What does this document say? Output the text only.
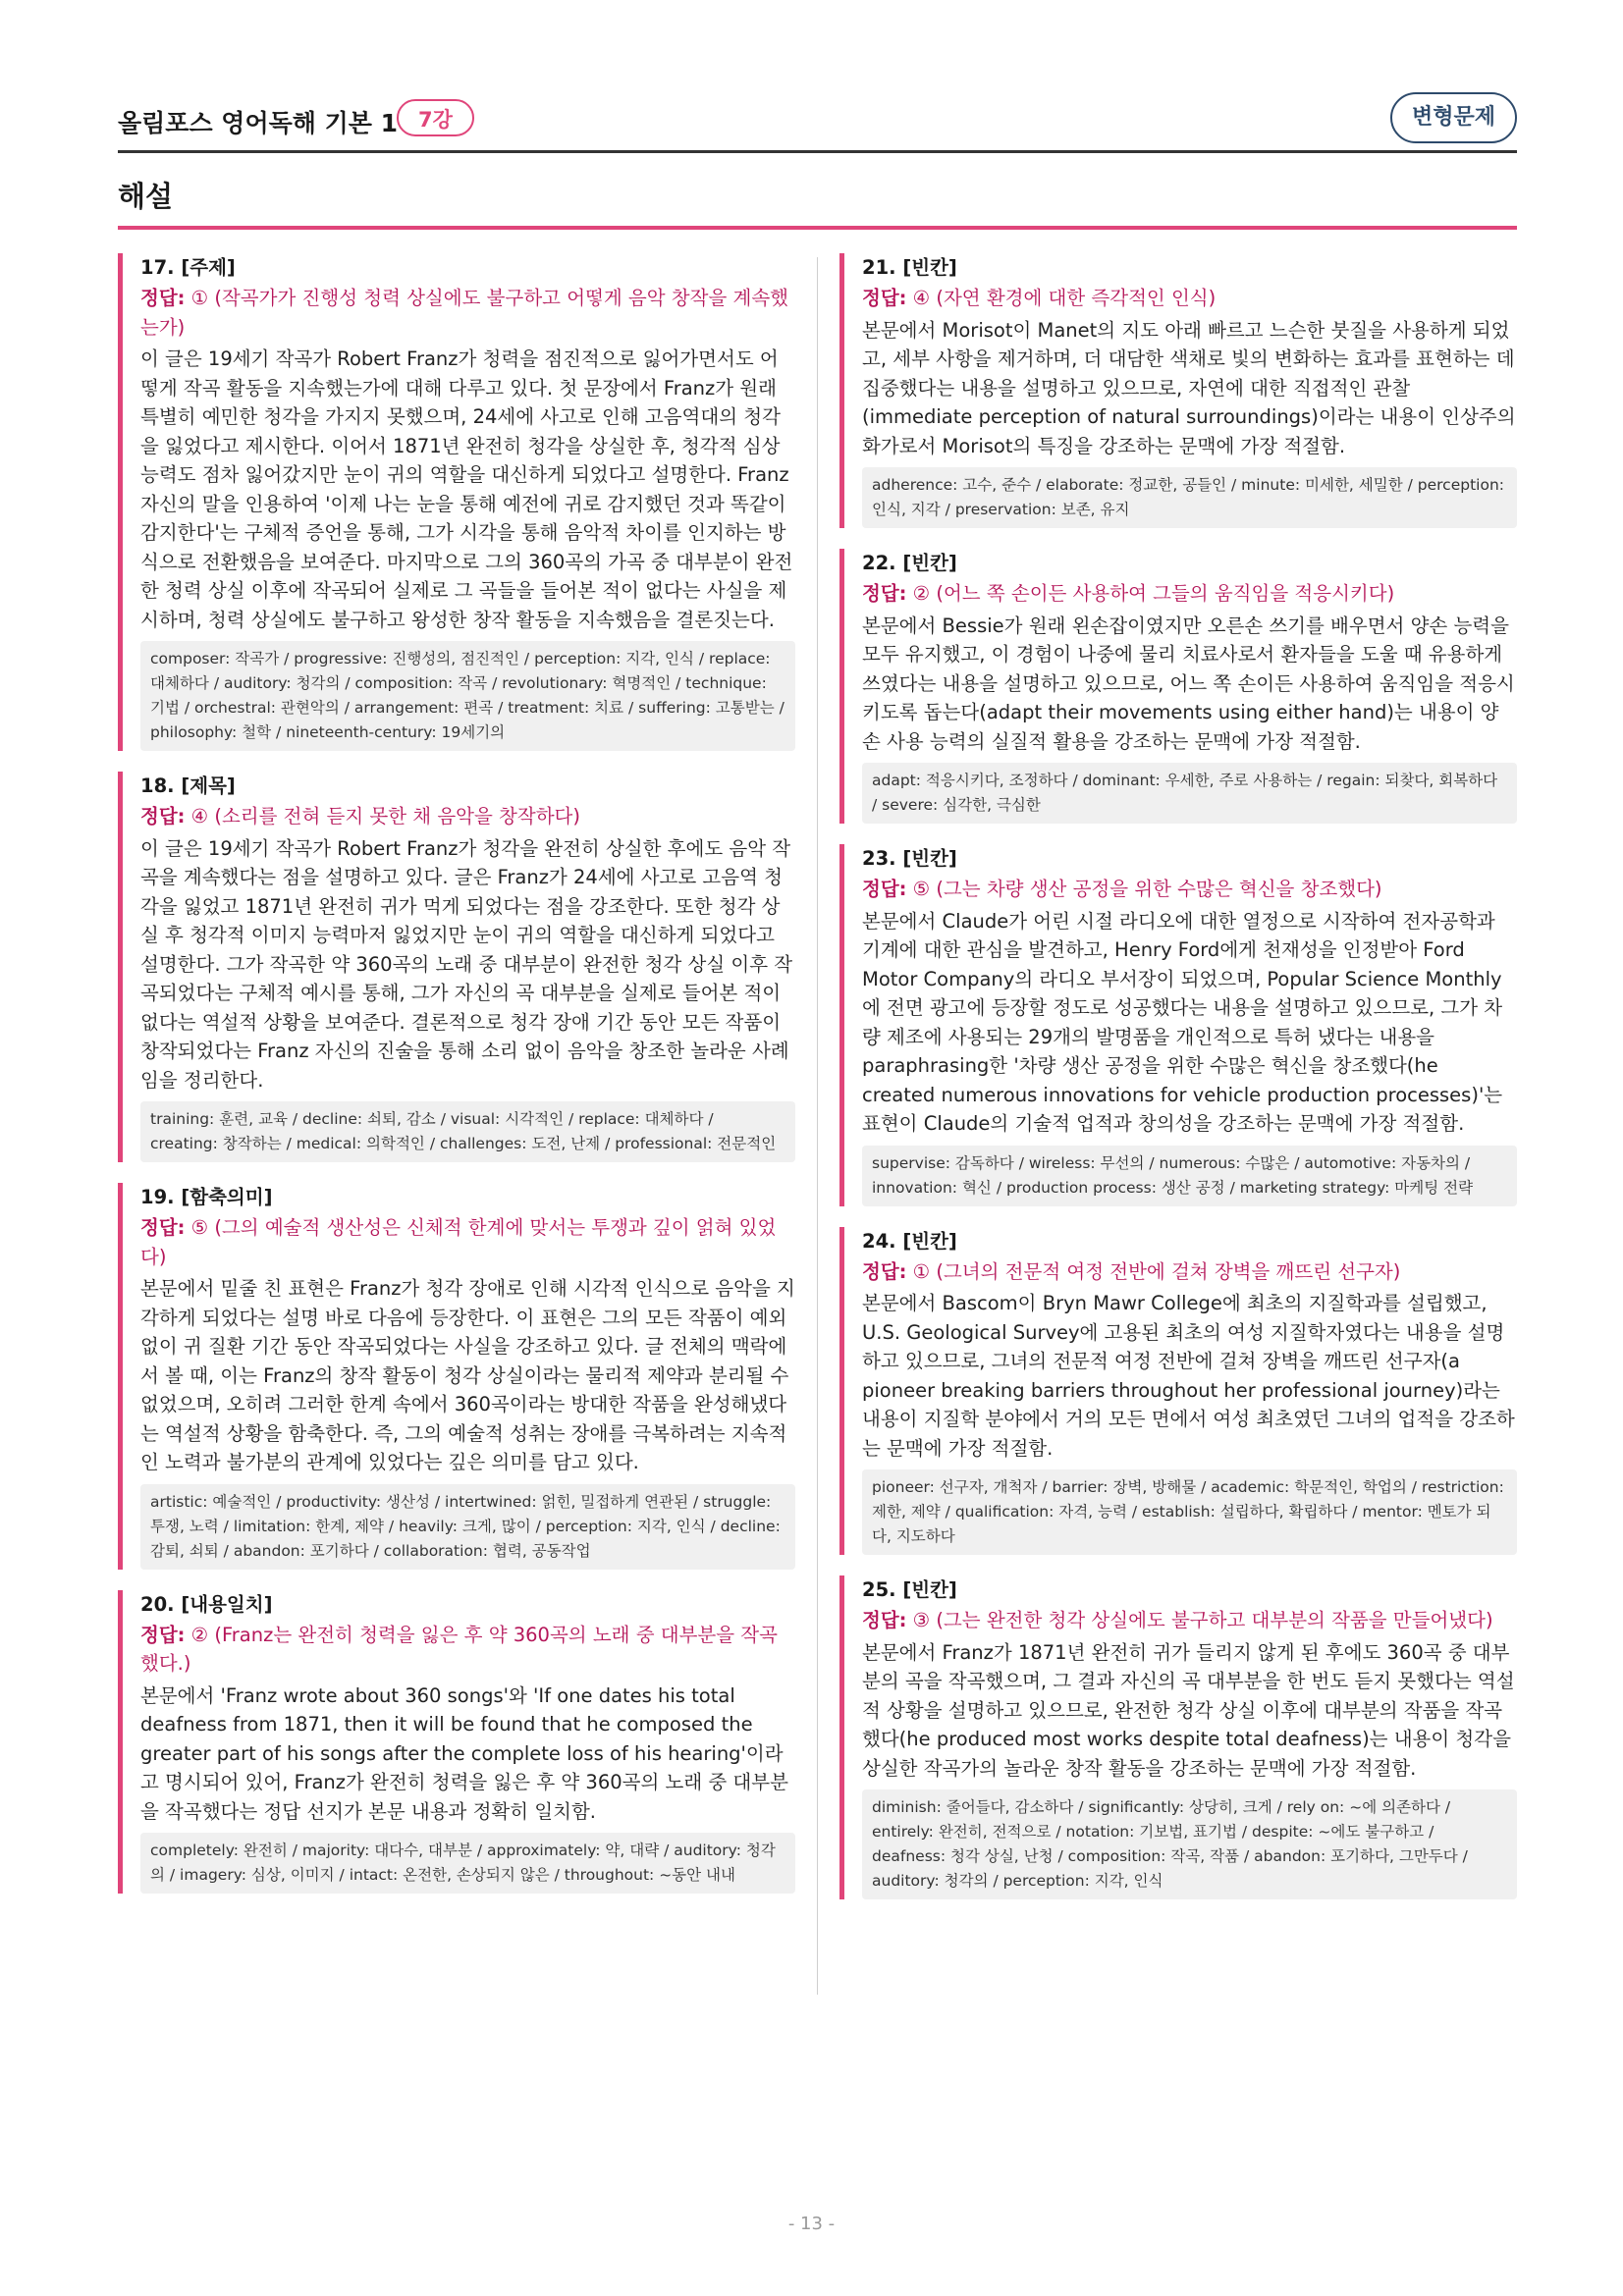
올림포스 영어독해 기본 1 7강	변형문제
해설
17. [주제]
정답: ① (작곡가가 진행성 청력 상실에도 불구하고 어떻게 음악 창작을 계속했는가)
이 글은 19세기 작곡가 Robert Franz가 청력을 점진적으로 잃어가면서도 어떻게 작곡 활동을 지속했는가에 대해 다루고 있다. 첫 문장에서 Franz가 원래 특별히 예민한 청각을 가지지 못했으며, 24세에 사고로 인해 고음역대의 청각을 잃었다고 제시한다. 이어서 1871년 완전히 청각을 상실한 후, 청각적 심상 능력도 점차 잃어갔지만 눈이 귀의 역할을 대신하게 되었다고 설명한다. Franz 자신의 말을 인용하여 '이제 나는 눈을 통해 예전에 귀로 감지했던 것과 똑같이 감지한다'는 구체적 증언을 통해, 그가 시각을 통해 음악적 차이를 인지하는 방식으로 전환했음을 보여준다. 마지막으로 그의 360곡의 가곡 중 대부분이 완전한 청력 상실 이후에 작곡되어 실제로 그 곡들을 들어본 적이 없다는 사실을 제시하며, 청력 상실에도 불구하고 왕성한 창작 활동을 지속했음을 결론짓는다.
composer: 작곡가 / progressive: 진행성의, 점진적인 / perception: 지각, 인식 / replace: 대체하다 / auditory: 청각의 / composition: 작곡 / revolutionary: 혁명적인 / technique: 기법 / orchestral: 관현악의 / arrangement: 편곡 / treatment: 치료 / suffering: 고통받는 / philosophy: 철학 / nineteenth-century: 19세기의
18. [제목]
정답: ④ (소리를 전혀 듣지 못한 채 음악을 창작하다)
이 글은 19세기 작곡가 Robert Franz가 청각을 완전히 상실한 후에도 음악 작곡을 계속했다는 점을 설명하고 있다. 글은 Franz가 24세에 사고로 고음역 청각을 잃었고 1871년 완전히 귀가 먹게 되었다는 점을 강조한다. 또한 청각 상실 후 청각적 이미지 능력마저 잃었지만 눈이 귀의 역할을 대신하게 되었다고 설명한다. 그가 작곡한 약 360곡의 노래 중 대부분이 완전한 청각 상실 이후 작곡되었다는 구체적 예시를 통해, 그가 자신의 곡 대부분을 실제로 들어본 적이 없다는 역설적 상황을 보여준다. 결론적으로 청각 장애 기간 동안 모든 작품이 창작되었다는 Franz 자신의 진술을 통해 소리 없이 음악을 창조한 놀라운 사례임을 정리한다.
training: 훈련, 교육 / decline: 쇠퇴, 감소 / visual: 시각적인 / replace: 대체하다 / creating: 창작하는 / medical: 의학적인 / challenges: 도전, 난제 / professional: 전문적인
19. [함축의미]
정답: ⑤ (그의 예술적 생산성은 신체적 한계에 맞서는 투쟁과 깊이 얽혀 있었다)
본문에서 밑줄 친 표현은 Franz가 청각 장애로 인해 시각적 인식으로 음악을 지각하게 되었다는 설명 바로 다음에 등장한다. 이 표현은 그의 모든 작품이 예외 없이 귀 질환 기간 동안 작곡되었다는 사실을 강조하고 있다. 글 전체의 맥락에서 볼 때, 이는 Franz의 창작 활동이 청각 상실이라는 물리적 제약과 분리될 수 없었으며, 오히려 그러한 한계 속에서 360곡이라는 방대한 작품을 완성해냈다는 역설적 상황을 함축한다. 즉, 그의 예술적 성취는 장애를 극복하려는 지속적인 노력과 불가분의 관계에 있었다는 깊은 의미를 담고 있다.
artistic: 예술적인 / productivity: 생산성 / intertwined: 얽힌, 밀접하게 연관된 / struggle: 투쟁, 노력 / limitation: 한계, 제약 / heavily: 크게, 많이 / perception: 지각, 인식 / decline: 감퇴, 쇠퇴 / abandon: 포기하다 / collaboration: 협력, 공동작업
20. [내용일치]
정답: ② (Franz는 완전히 청력을 잃은 후 약 360곡의 노래 중 대부분을 작곡했다.)
본문에서 'Franz wrote about 360 songs'와 'If one dates his total deafness from 1871, then it will be found that he composed the greater part of his songs after the complete loss of his hearing'이라고 명시되어 있어, Franz가 완전히 청력을 잃은 후 약 360곡의 노래 중 대부분을 작곡했다는 정답 선지가 본문 내용과 정확히 일치함.
completely: 완전히 / majority: 대다수, 대부분 / approximately: 약, 대략 / auditory: 청각의 / imagery: 심상, 이미지 / intact: 온전한, 손상되지 않은 / throughout: ~동안 내내
21. [빈칸]
정답: ④ (자연 환경에 대한 즉각적인 인식)
본문에서 Morisot이 Manet의 지도 아래 빠르고 느슨한 붓질을 사용하게 되었고, 세부 사항을 제거하며, 더 대담한 색채로 빛의 변화하는 효과를 표현하는 데 집중했다는 내용을 설명하고 있으므로, 자연에 대한 직접적인 관찰(immediate perception of natural surroundings)이라는 내용이 인상주의 화가로서 Morisot의 특징을 강조하는 문맥에 가장 적절함.
adherence: 고수, 준수 / elaborate: 정교한, 공들인 / minute: 미세한, 세밀한 / perception: 인식, 지각 / preservation: 보존, 유지
22. [빈칸]
정답: ② (어느 쪽 손이든 사용하여 그들의 움직임을 적응시키다)
본문에서 Bessie가 원래 왼손잡이였지만 오른손 쓰기를 배우면서 양손 능력을 모두 유지했고, 이 경험이 나중에 물리 치료사로서 환자들을 도울 때 유용하게 쓰였다는 내용을 설명하고 있으므로, 어느 쪽 손이든 사용하여 움직임을 적응시키도록 돕는다(adapt their movements using either hand)는 내용이 양손 사용 능력의 실질적 활용을 강조하는 문맥에 가장 적절함.
adapt: 적응시키다, 조정하다 / dominant: 우세한, 주로 사용하는 / regain: 되찾다, 회복하다 / severe: 심각한, 극심한
23. [빈칸]
정답: ⑤ (그는 차량 생산 공정을 위한 수많은 혁신을 창조했다)
본문에서 Claude가 어린 시절 라디오에 대한 열정으로 시작하여 전자공학과 기계에 대한 관심을 발견하고, Henry Ford에게 천재성을 인정받아 Ford Motor Company의 라디오 부서장이 되었으며, Popular Science Monthly에 전면 광고에 등장할 정도로 성공했다는 내용을 설명하고 있으므로, 그가 차량 제조에 사용되는 29개의 발명품을 개인적으로 특허 냈다는 내용을 paraphrasing한 '차량 생산 공정을 위한 수많은 혁신을 창조했다(he created numerous innovations for vehicle production processes)'는 표현이 Claude의 기술적 업적과 창의성을 강조하는 문맥에 가장 적절함.
supervise: 감독하다 / wireless: 무선의 / numerous: 수많은 / automotive: 자동차의 / innovation: 혁신 / production process: 생산 공정 / marketing strategy: 마케팅 전략
24. [빈칸]
정답: ① (그녀의 전문적 여정 전반에 걸쳐 장벽을 깨뜨린 선구자)
본문에서 Bascom이 Bryn Mawr College에 최초의 지질학과를 설립했고, U.S. Geological Survey에 고용된 최초의 여성 지질학자였다는 내용을 설명하고 있으므로, 그녀의 전문적 여정 전반에 걸쳐 장벽을 깨뜨린 선구자(a pioneer breaking barriers throughout her professional journey)라는 내용이 지질학 분야에서 거의 모든 면에서 여성 최초였던 그녀의 업적을 강조하는 문맥에 가장 적절함.
pioneer: 선구자, 개척자 / barrier: 장벽, 방해물 / academic: 학문적인, 학업의 / restriction: 제한, 제약 / qualification: 자격, 능력 / establish: 설립하다, 확립하다 / mentor: 멘토가 되다, 지도하다
25. [빈칸]
정답: ③ (그는 완전한 청각 상실에도 불구하고 대부분의 작품을 만들어냈다)
본문에서 Franz가 1871년 완전히 귀가 들리지 않게 된 후에도 360곡 중 대부분의 곡을 작곡했으며, 그 결과 자신의 곡 대부분을 한 번도 듣지 못했다는 역설적 상황을 설명하고 있으므로, 완전한 청각 상실 이후에 대부분의 작품을 작곡했다(he produced most works despite total deafness)는 내용이 청각을 상실한 작곡가의 놀라운 창작 활동을 강조하는 문맥에 가장 적절함.
diminish: 줄어들다, 감소하다 / significantly: 상당히, 크게 / rely on: ~에 의존하다 / entirely: 완전히, 전적으로 / notation: 기보법, 표기법 / despite: ~에도 불구하고 / deafness: 청각 상실, 난청 / composition: 작곡, 작품 / abandon: 포기하다, 그만두다 / auditory: 청각의 / perception: 지각, 인식
- 13 -
